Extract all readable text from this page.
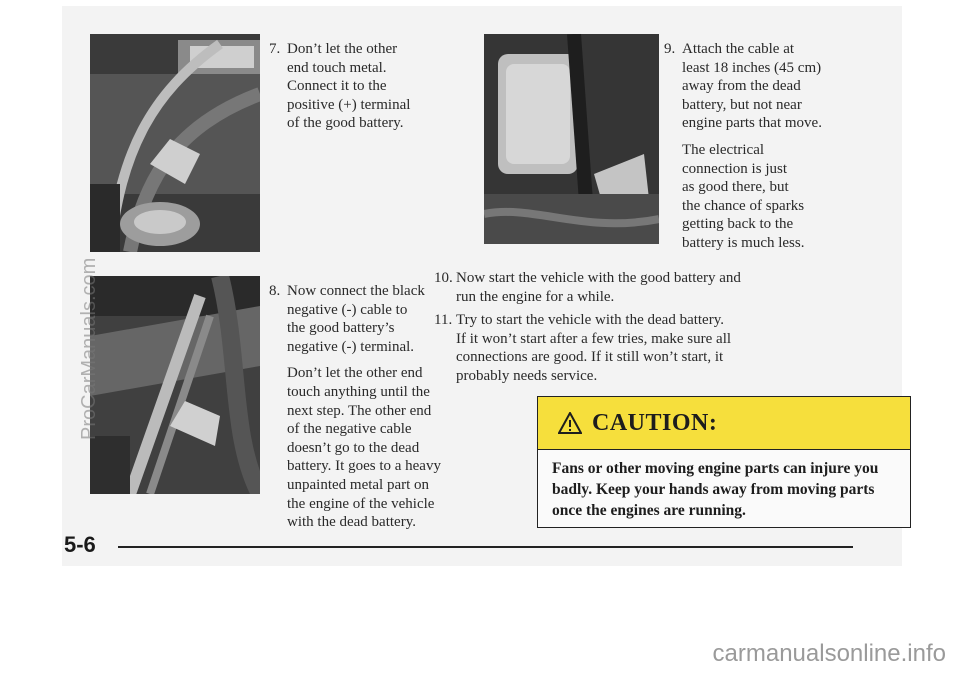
7. Don’t let the other
end touch metal.
Connect it to the
positive (+) terminal
of the good battery.

8. Now connect the black
negative (-) cable to
the good battery’s
negative (-) terminal.

Don’t let the other end
touch anything until the
next step. The other end
of the negative cable
doesn’t go to the dead
battery. It goes to a heavy
unpainted metal part on
the engine of the vehicle
with the dead battery.

9. Attach the cable at
least 18 inches (45 cm)
away from the dead
battery, but not near
engine parts that move.

The electrical
connection is just
as good there, but
the chance of sparks
getting back to the
battery is much less.

10. Now start the vehicle with the good battery and
run the engine for a while.

11. Try to start the vehicle with the dead battery.
If it won’t start after a few tries, make sure all
connections are good. If it still won’t start, it
probably needs service.

CAUTION:
Fans or other moving engine parts can injure you
badly. Keep your hands away from moving parts
once the engines are running.
5-6
ProCarManuals.com
carmanualsonline.info
